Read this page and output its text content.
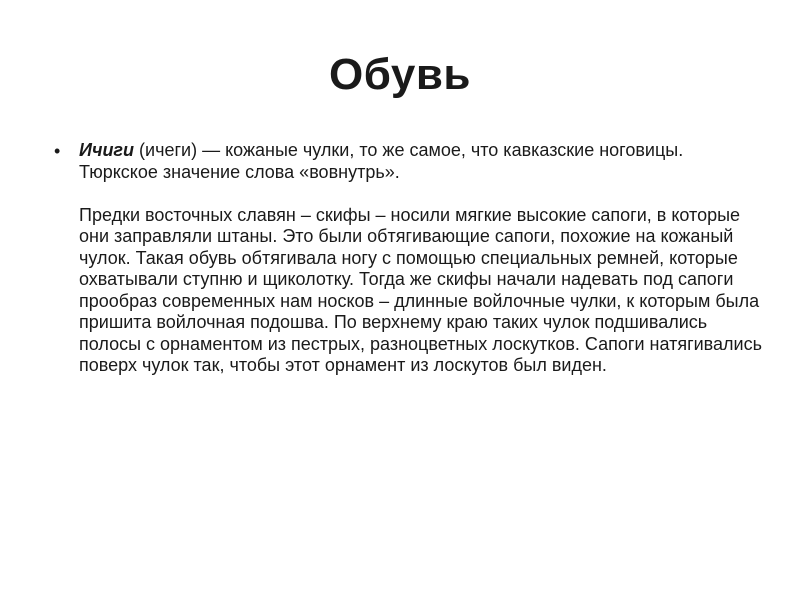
Обувь
• Ичиги (ичеги) — кожаные чулки, то же самое, что кавказские ноговицы. Тюркское значение слова «вовнутрь».

Предки восточных славян – скифы – носили мягкие высокие сапоги, в которые они заправляли штаны. Это были обтягивающие сапоги, похожие на кожаный чулок. Такая обувь обтягивала ногу с помощью специальных ремней, которые охватывали ступню и щиколотку. Тогда же скифы начали надевать под сапоги прообраз современных нам носков – длинные войлочные чулки, к которым была пришита войлочная подошва. По верхнему краю таких чулок подшивались полосы с орнаментом из пестрых, разноцветных лоскутков. Сапоги натягивались поверх чулок так, чтобы этот орнамент из лоскутов был виден.
